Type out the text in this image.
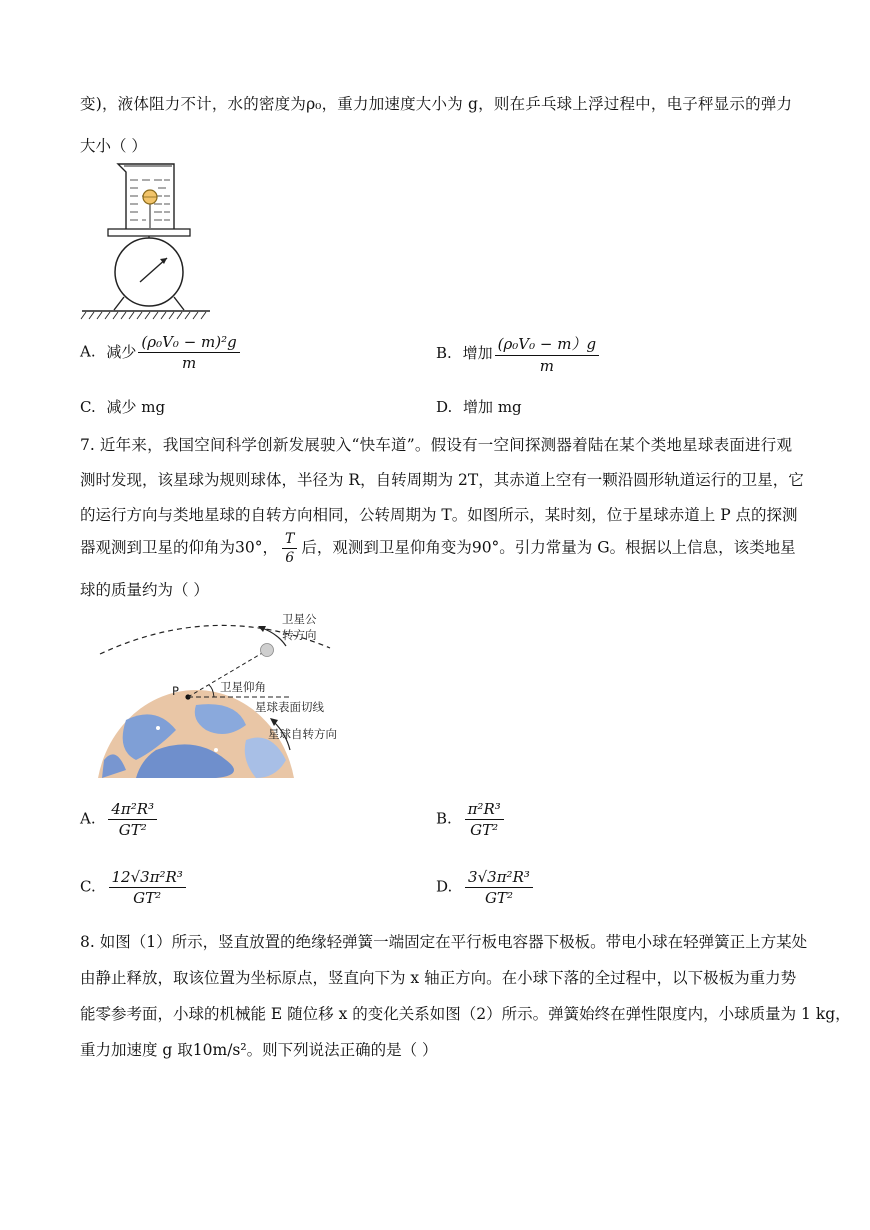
变)，液体阻力不计，水的密度为ρ₀，重力加速度大小为 g，则在乒乓球上浮过程中，电子秤显示的弹力
大小（ ）
A. 减少 $\frac{\text{(ρ₀V₀ − m)²g}}{m}$	B. 增加 $\frac{\text{(ρ₀V₀ − m）g}}{m}$
C. 减少 mg	D. 增加 mg
7. 近年来，我国空间科学创新发展驶入“快车道”。假设有一空间探测器着陆在某个类地星球表面进行观
测时发现，该星球为规则球体，半径为 R，自转周期为 2T，其赤道上空有一颗沿圆形轨道运行的卫星，它
的运行方向与类地星球的自转方向相同，公转周期为 T。如图所示，某时刻，位于星球赤道上 P 点的探测
器观测到卫星的仰角为30°， $\frac{T}{6}$ 后，观测到卫星仰角变为90°。引力常量为 G。根据以上信息，该类地星
球的质量约为（ ）
P
卫星公
转方向
卫星仰角
星球表面切线
星球自转方向
A. $\frac{\text{4π²R³}}{\text{GT²}}$	B. $\frac{\text{π²R³}}{\text{GT²}}$
C. $\frac{\text{12√3π²R³}}{\text{GT²}}$	D. $\frac{\text{3√3π²R³}}{\text{GT²}}$
8. 如图（1）所示，竖直放置的绝缘轻弹簧一端固定在平行板电容器下极板。带电小球在轻弹簧正上方某处
由静止释放，取该位置为坐标原点，竖直向下为 x 轴正方向。在小球下落的全过程中，以下极板为重力势
能零参考面，小球的机械能 E 随位移 x 的变化关系如图（2）所示。弹簧始终在弹性限度内，小球质量为 1 kg，
重力加速度 g 取10m/s²。则下列说法正确的是（ ）
